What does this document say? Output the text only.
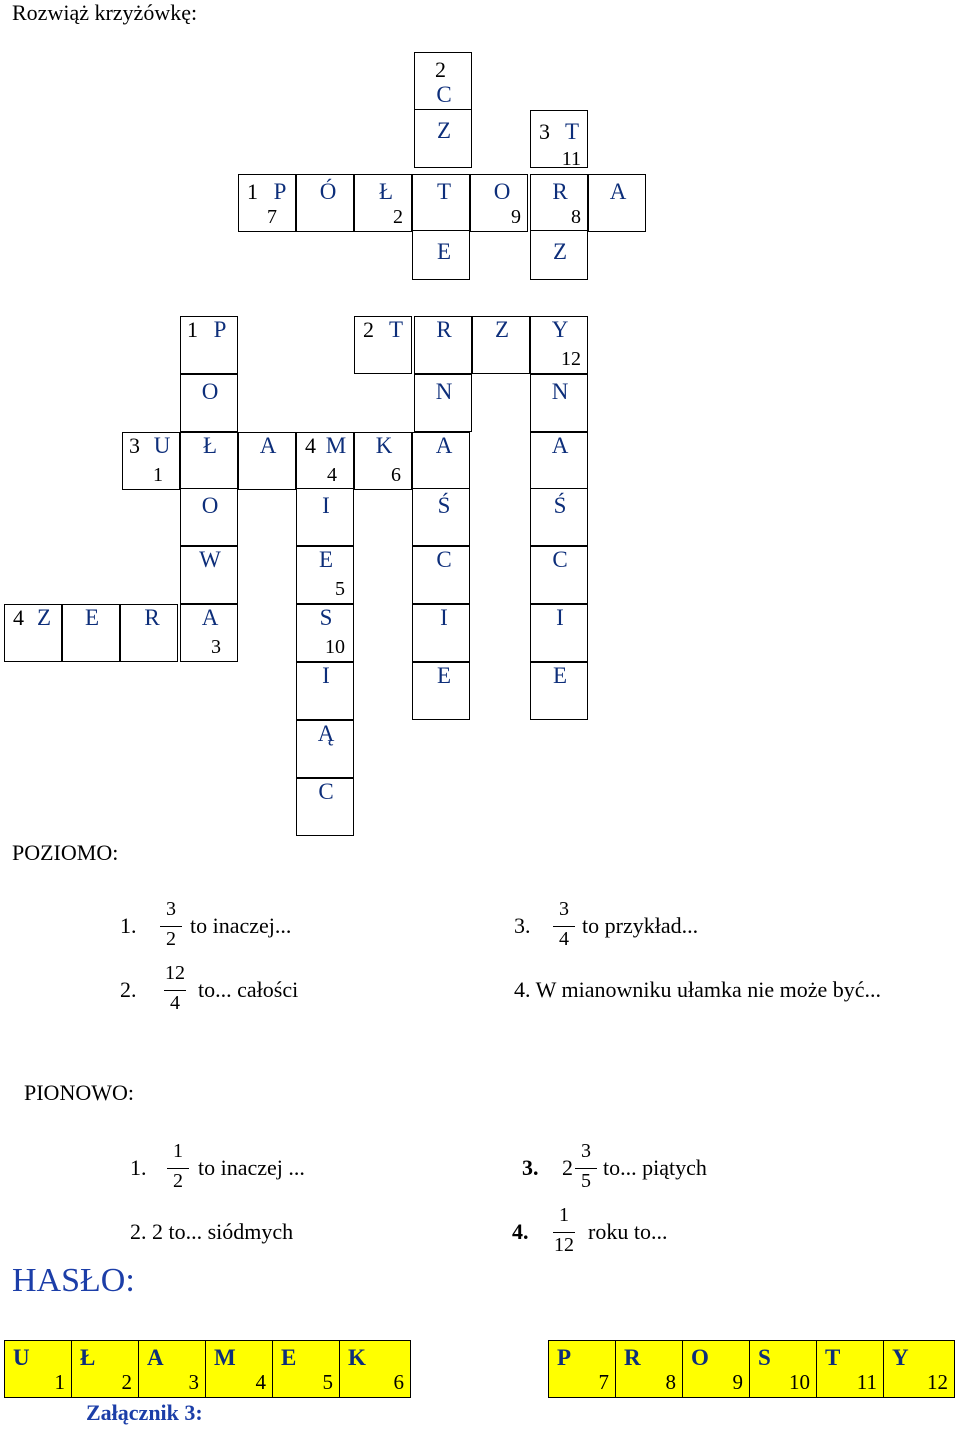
Rozwiąż krzyżówkę:
2
C
Z	3 T
11
1 P
7
Ó	Ł
2
T	O
9
R
8
A
E	Z
1 P	2 T	R	Z	Y
12
O	N	N
3 U
1
Ł	A	4 M
4
K
6
A	A
O	I	Ś	Ś
W	E
5
C	C
4 Z	E	R	A
3
S
10
I	I
I	E	E
Ą
C
POZIOMO:
1.
3
2
to inaczej...	3.
3
4
to przykład...
2.
12
4
to... całości	4. W mianowniku ułamka nie może być...
PIONOWO:
1.
1
2
to inaczej ...	3. 2
3
5
to... piątych
2. 2 to... siódmych	4.
1
12
roku to...
HASŁO:
U
1
Ł
2
A
3
M
4
E
5
K
6
P
7
R
8
O
9
S
10
T
11
Y
12
Załącznik 3:
